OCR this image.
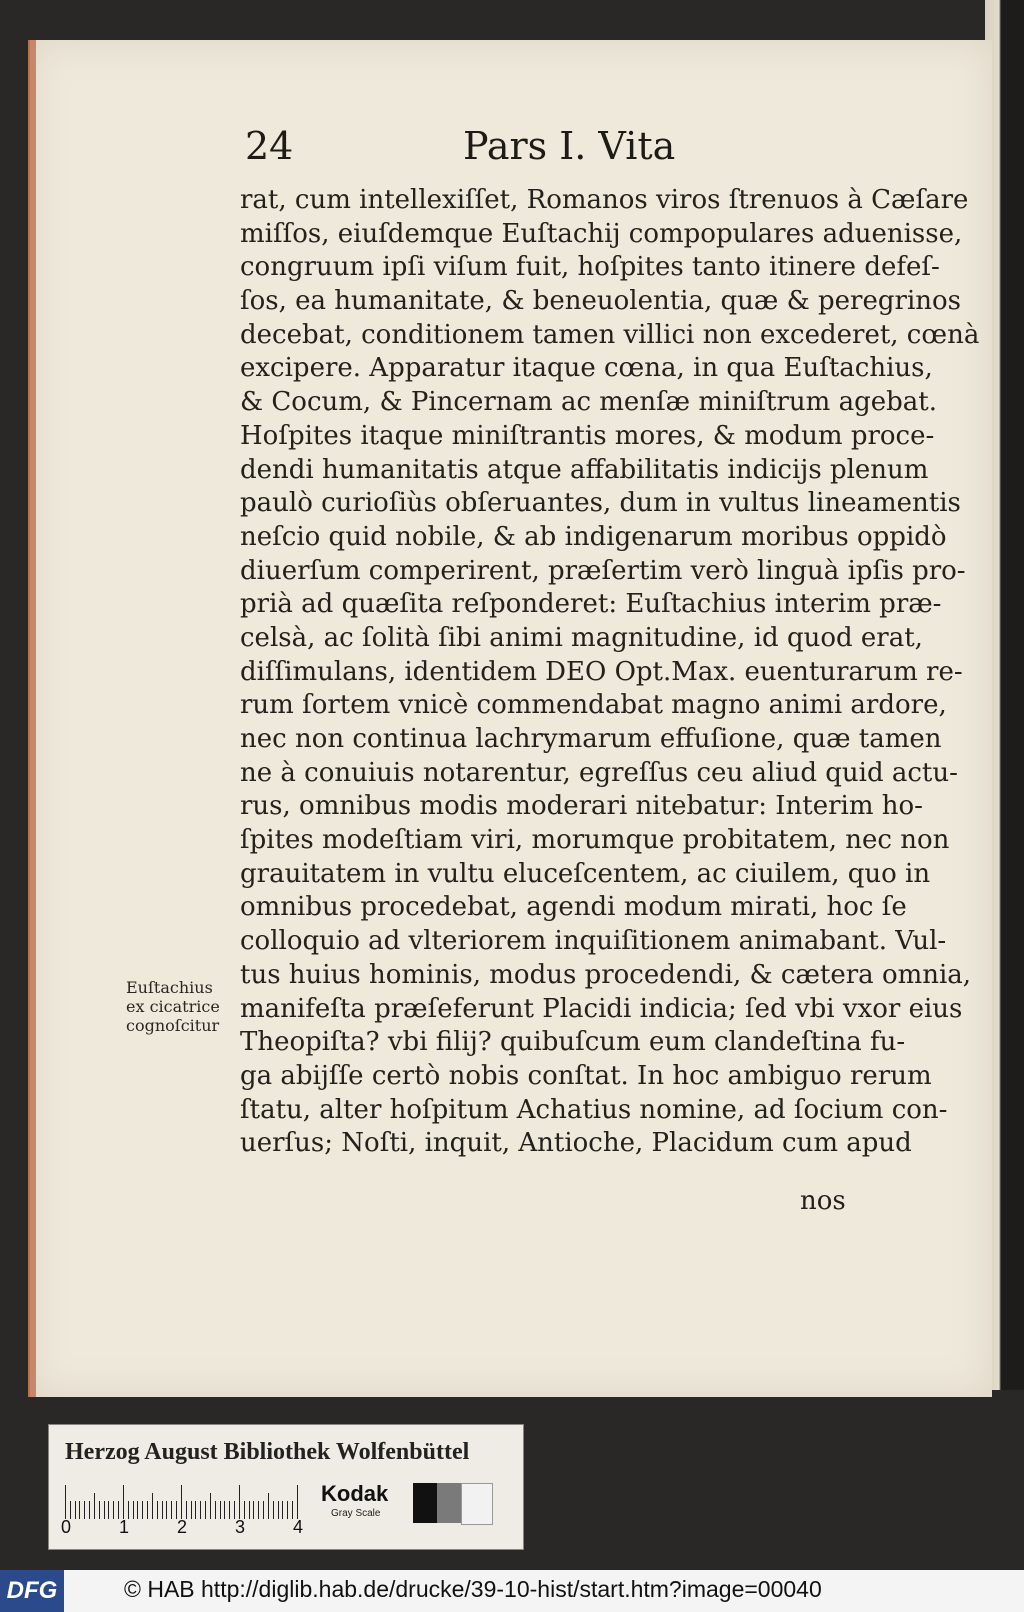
24	Pars I. Vita
rat, cum intellexiſſet, Romanos viros ſtrenuos à Cæſare
miſſos, eiuſdemque Euſtachij compopulares aduenisse,
congruum ipſi viſum fuit, hoſpites tanto itinere defeſ-
ſos, ea humanitate, & beneuolentia, quæ & peregrinos
decebat, conditionem tamen villici non excederet, cœnà
excipere. Apparatur itaque cœna, in qua Euſtachius,
& Cocum, & Pincernam ac menſæ miniſtrum agebat.
Hoſpites itaque miniſtrantis mores, & modum proce-
dendi humanitatis atque affabilitatis indicijs plenum
paulò curioſiùs obſeruantes, dum in vultus lineamentis
neſcio quid nobile, & ab indigenarum moribus oppidò
diuerſum comperirent, præſertim verò linguà ipſis pro-
prià ad quæſita reſponderet: Euſtachius interim præ-
celsà, ac ſolità ſibi animi magnitudine, id quod erat,
diſſimulans, identidem DEO Opt.Max. euenturarum re-
rum ſortem vnicè commendabat magno animi ardore,
nec non continua lachrymarum effuſione, quæ tamen
ne à conuiuis notarentur, egreſſus ceu aliud quid actu-
rus, omnibus modis moderari nitebatur: Interim ho-
ſpites modeſtiam viri, morumque probitatem, nec non
grauitatem in vultu eluceſcentem, ac ciuilem, quo in
omnibus procedebat, agendi modum mirati, hoc ſe
colloquio ad vlteriorem inquiſitionem animabant. Vul-
tus huius hominis, modus procedendi, & cætera omnia,
manifeſta præſeferunt Placidi indicia; ſed vbi vxor eius
Theopiſta? vbi filij? quibuſcum eum clandeſtina fu-
ga abijſſe certò nobis conſtat. In hoc ambiguo rerum
ſtatu, alter hoſpitum Achatius nomine, ad ſocium con-
uerſus; Noſti, inquit, Antioche, Placidum cum apud
nos
Euſtachius
ex cicatrice
cognoſcitur
Herzog August Bibliothek Wolfenbüttel
0	1	2	3	4
Kodak
Gray Scale
DFG	© HAB http://diglib.hab.de/drucke/39-10-hist/start.htm?image=00040
